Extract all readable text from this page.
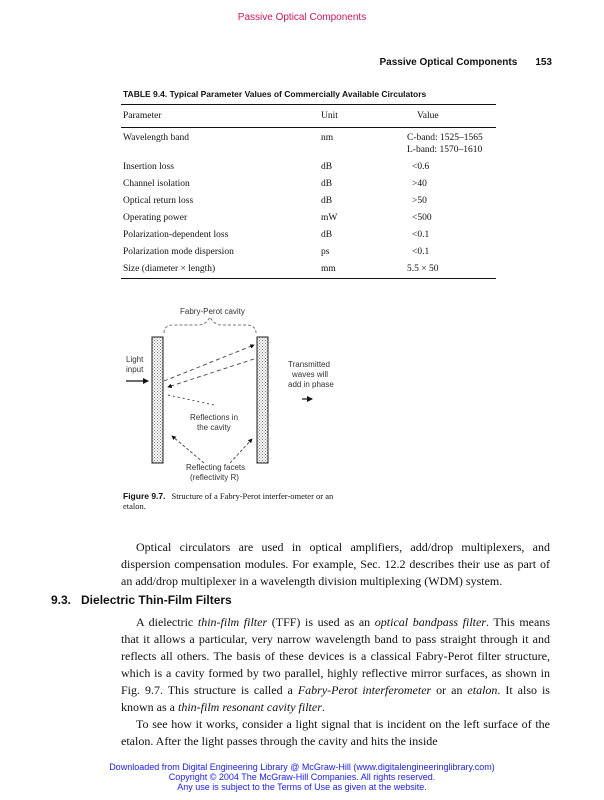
Passive Optical Components
Passive Optical Components 153
TABLE 9.4. Typical Parameter Values of Commercially Available Circulators
Parameter	Unit	Value
Wavelength band	nm	C-band: 1525–1565
L-band: 1570–1610

Insertion loss	dB	<0.6
Channel isolation	dB	>40
Optical return loss	dB	>50
Operating power	mW	<500
Polarization-dependent loss	dB	<0.1
Polarization mode dispersion	ps	<0.1
Size (diameter × length)	mm	5.5 × 50
Fabry-Perot cavity
Light
input
Transmitted
waves will
add in phase
Reflections in
the cavity
Reflecting facets
(reflectivity R)
Figure 9.7. Structure of a Fabry-Perot interfer-ometer or an etalon.

Optical circulators are used in optical amplifiers, add/drop multiplexers, and dispersion compensation modules. For example, Sec. 12.2 describes their use as part of an add/drop multiplexer in a wavelength division multiplexing (WDM) system.

9.3. Dielectric Thin-Film Filters

A dielectric thin-film filter (TFF) is used as an optical bandpass filter. This means that it allows a particular, very narrow wavelength band to pass straight through it and reflects all others. The basis of these devices is a classical Fabry-Perot filter structure, which is a cavity formed by two parallel, highly reflective mirror surfaces, as shown in Fig. 9.7. This structure is called a Fabry-Perot interferometer or an etalon. It also is known as a thin-film resonant cavity filter.

To see how it works, consider a light signal that is incident on the left surface of the etalon. After the light passes through the cavity and hits the inside

Downloaded from Digital Engineering Library @ McGraw-Hill (www.digitalengineeringlibrary.com)
Copyright © 2004 The McGraw-Hill Companies. All rights reserved.
Any use is subject to the Terms of Use as given at the website.
